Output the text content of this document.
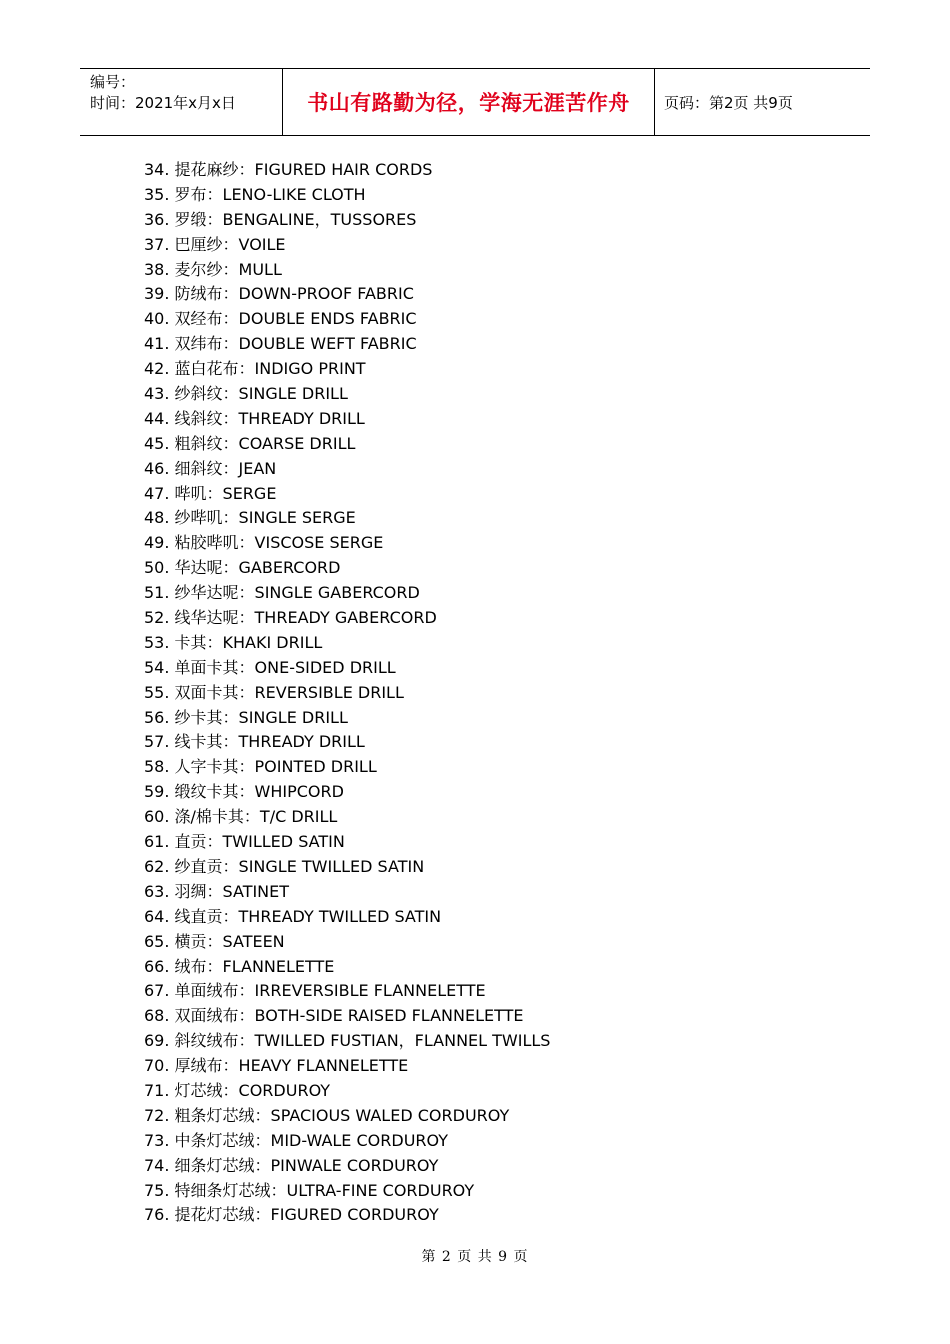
编号：
时间：2021年x月x日	书山有路勤为径，学海无涯苦作舟 页码：第2页 共9页
34. 提花麻纱：FIGURED HAIR CORDS
35. 罗布：LENO-LIKE CLOTH
36. 罗缎：BENGALINE，TUSSORES
37. 巴厘纱：VOILE
38. 麦尔纱：MULL
39. 防绒布：DOWN-PROOF FABRIC
40. 双经布：DOUBLE ENDS FABRIC
41. 双纬布：DOUBLE WEFT FABRIC
42. 蓝白花布：INDIGO PRINT
43. 纱斜纹：SINGLE DRILL
44. 线斜纹：THREADY DRILL
45. 粗斜纹：COARSE DRILL
46. 细斜纹：JEAN
47. 哔叽：SERGE
48. 纱哔叽：SINGLE SERGE
49. 粘胶哔叽：VISCOSE SERGE
50. 华达呢：GABERCORD
51. 纱华达呢：SINGLE GABERCORD
52. 线华达呢：THREADY GABERCORD
53. 卡其：KHAKI DRILL
54. 单面卡其：ONE-SIDED DRILL
55. 双面卡其：REVERSIBLE DRILL
56. 纱卡其：SINGLE DRILL
57. 线卡其：THREADY DRILL
58. 人字卡其：POINTED DRILL
59. 缎纹卡其：WHIPCORD
60. 涤/棉卡其：T/C DRILL
61. 直贡：TWILLED SATIN
62. 纱直贡：SINGLE TWILLED SATIN
63. 羽绸：SATINET
64. 线直贡：THREADY TWILLED SATIN
65. 横贡：SATEEN
66. 绒布：FLANNELETTE
67. 单面绒布：IRREVERSIBLE FLANNELETTE
68. 双面绒布：BOTH-SIDE RAISED FLANNELETTE
69. 斜纹绒布：TWILLED FUSTIAN，FLANNEL TWILLS
70. 厚绒布：HEAVY FLANNELETTE
71. 灯芯绒：CORDUROY
72. 粗条灯芯绒：SPACIOUS WALED CORDUROY
73. 中条灯芯绒：MID-WALE CORDUROY
74. 细条灯芯绒：PINWALE CORDUROY
75. 特细条灯芯绒：ULTRA-FINE CORDUROY
76. 提花灯芯绒：FIGURED CORDUROY
第 2 页 共 9 页
